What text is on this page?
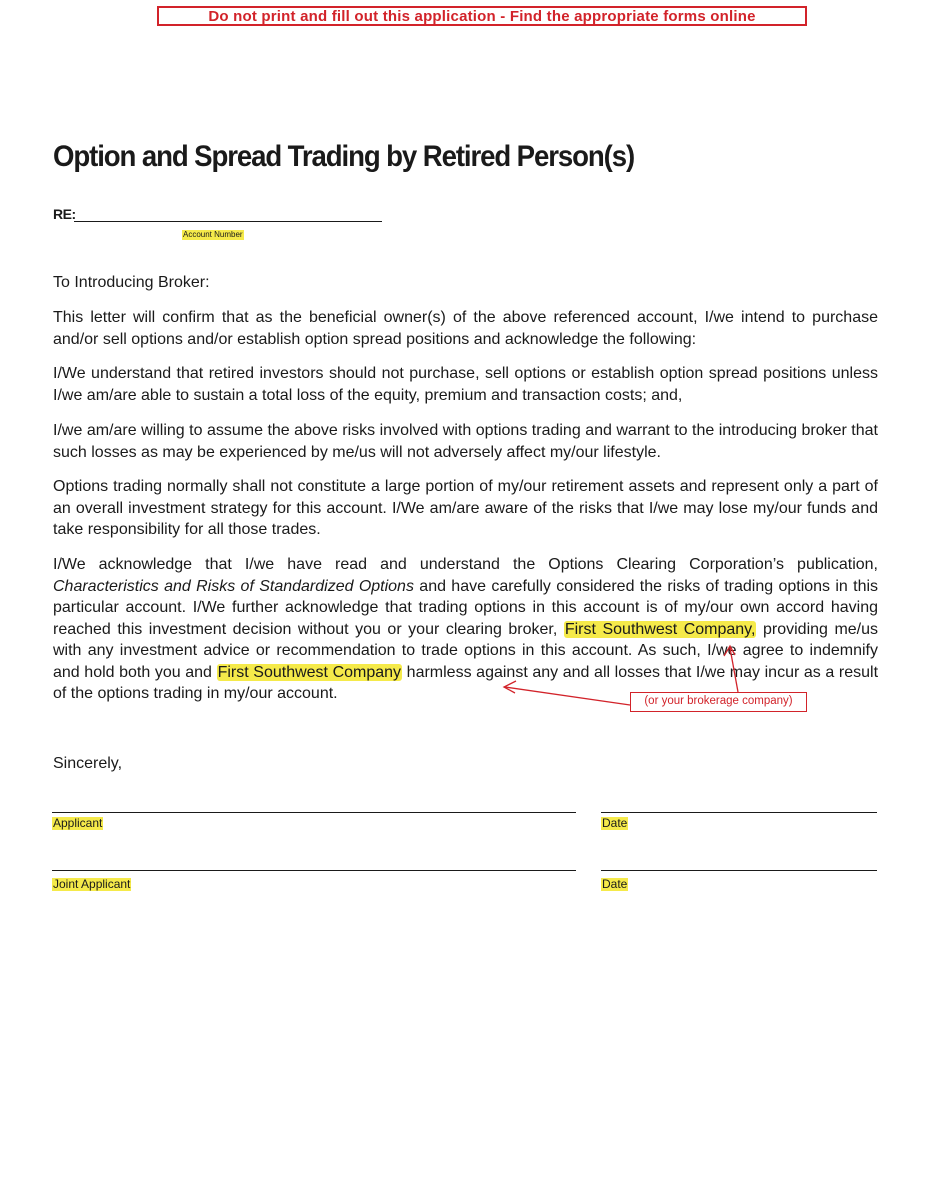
Do not print and fill out this application - Find the appropriate forms online
Option and Spread Trading by Retired Person(s)
RE:
Account Number

To Introducing Broker:

This letter will confirm that as the beneficial owner(s) of the above referenced account, I/we intend to purchase and/or sell options and/or establish option spread positions and acknowledge the following:

I/We understand that retired investors should not purchase, sell options or establish option spread positions unless I/we am/are able to sustain a total loss of the equity, premium and transaction costs; and,

I/we am/are willing to assume the above risks involved with options trading and warrant to the introducing broker that such losses as may be experienced by me/us will not adversely affect my/our lifestyle.

Options trading normally shall not constitute a large portion of my/our retirement assets and represent only a part of an overall investment strategy for this account. I/We am/are aware of the risks that I/we may lose my/our funds and take responsibility for all those trades.

I/We acknowledge that I/we have read and understand the Options Clearing Corporation’s publication, Characteristics and Risks of Standardized Options and have carefully considered the risks of trading options in this particular account. I/We further acknowledge that trading options in this account is of my/our own accord having reached this investment decision without you or your clearing broker, First Southwest Company, providing me/us with any investment advice or recommendation to trade options in this account. As such, I/we agree to indemnify and hold both you and First Southwest Company harmless against any and all losses that I/we may incur as a result of the options trading in my/our account.	(or your brokerage company)

Sincerely,

Applicant	Date
Joint Applicant	Date
